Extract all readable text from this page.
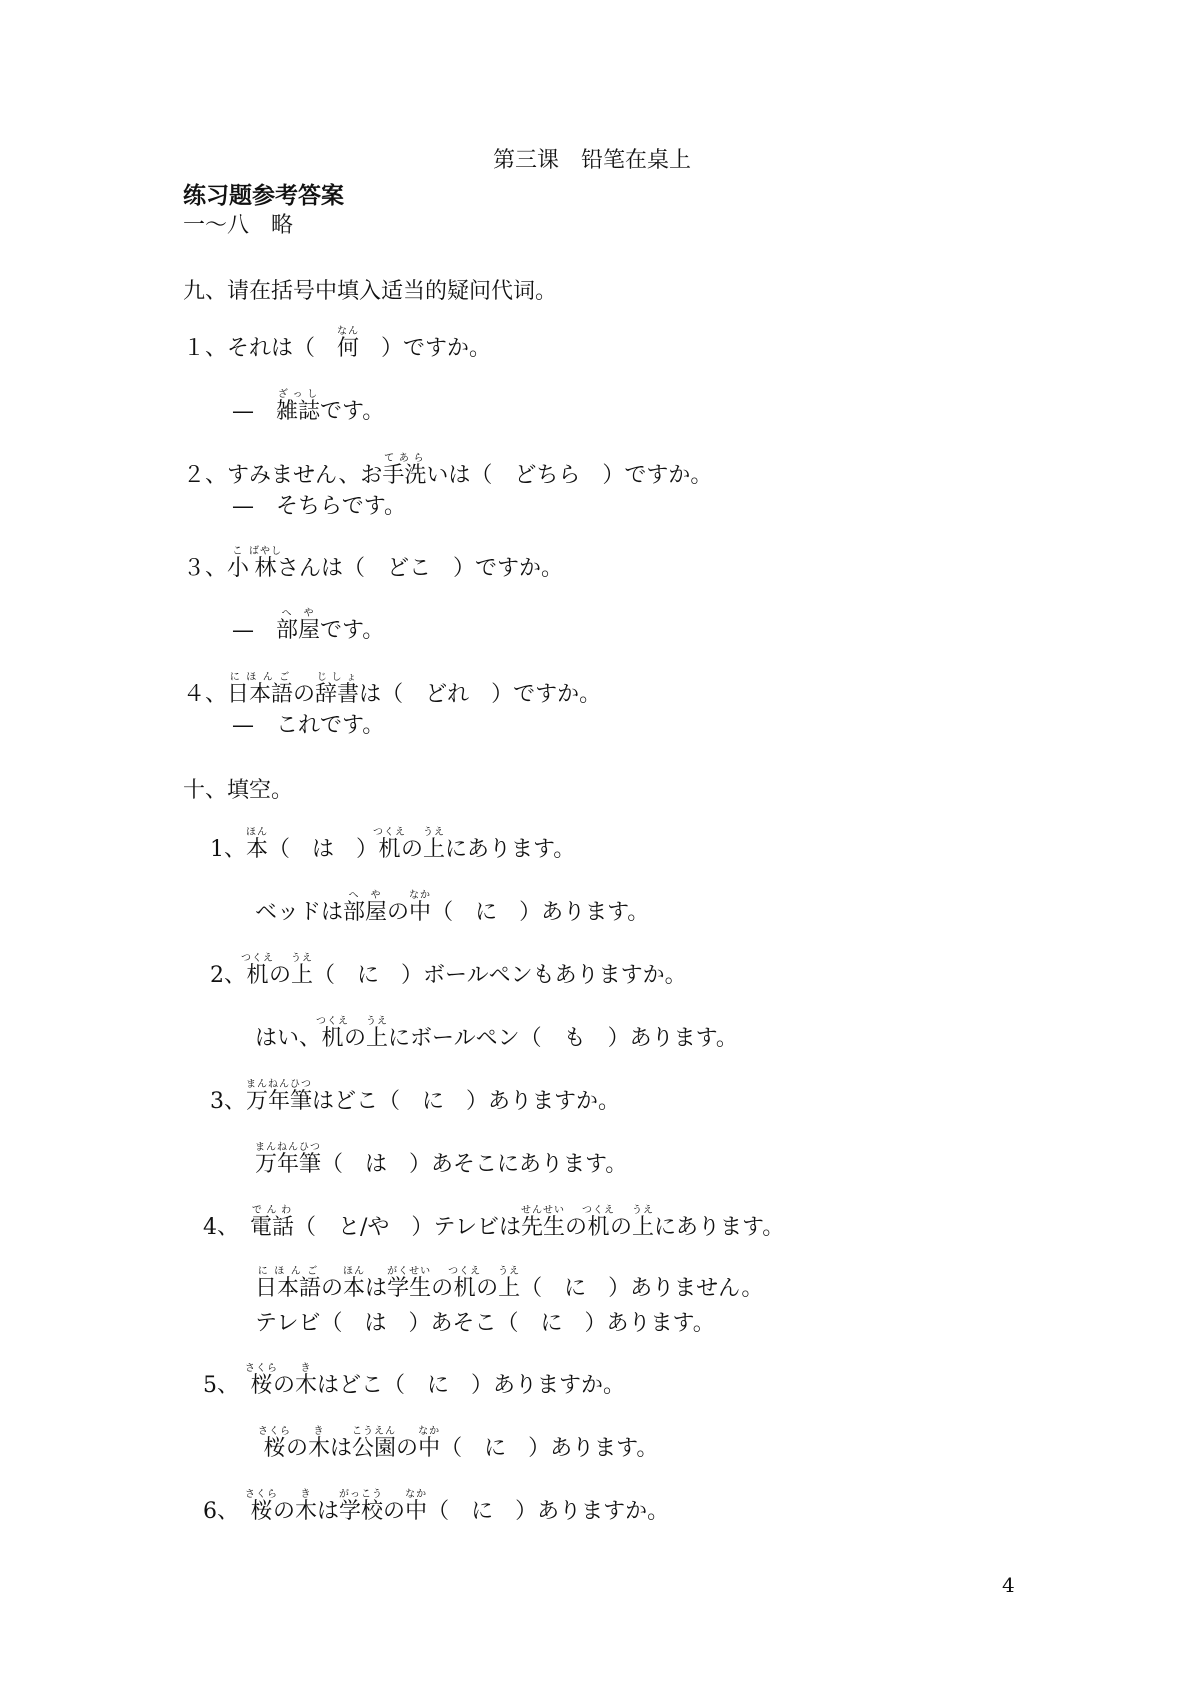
第三课　铅笔在桌上
练习题参考答案
一～八　略
九、请在括号中填入适当的疑问代词。
１、それは（　何なん　）ですか。
—　雑誌ざっしです。
２、すみません、お手洗てあらいは（　どちら　）ですか。
—　そちらです。
３、小こ林ばやしさんは（　どこ　）ですか。
—　部屋へやです。
４、日本語にほんごの辞書じしょは（　どれ　）ですか。
—　これです。
十、填空。
1、本ほん（　は　）机つくえの上うえにあります。
ベッドは部屋へやの中なか（　に　）あります。
2、机つくえの上うえ（　に　）ボールペンもありますか。
はい、机つくえの上うえにボールペン（　も　）あります。
3、万年筆まんねんひつはどこ（　に　）ありますか。
万年筆まんねんひつ（　は　）あそこにあります。
4、　電話でんわ（　と/や　）テレビは先生せんせいの机つくえの上うえにあります。
日本語にほんごの本ほんは学生がくせいの机つくえの上うえ（　に　）ありません。
テレビ（　は　）あそこ（　に　）あります。
5、　桜さくらの木きはどこ（　に　）ありますか。
桜さくらの木きは公園こうえんの中なか（　に　）あります。
6、　桜さくらの木きは学校がっこうの中なか（　に　）ありますか。
4
